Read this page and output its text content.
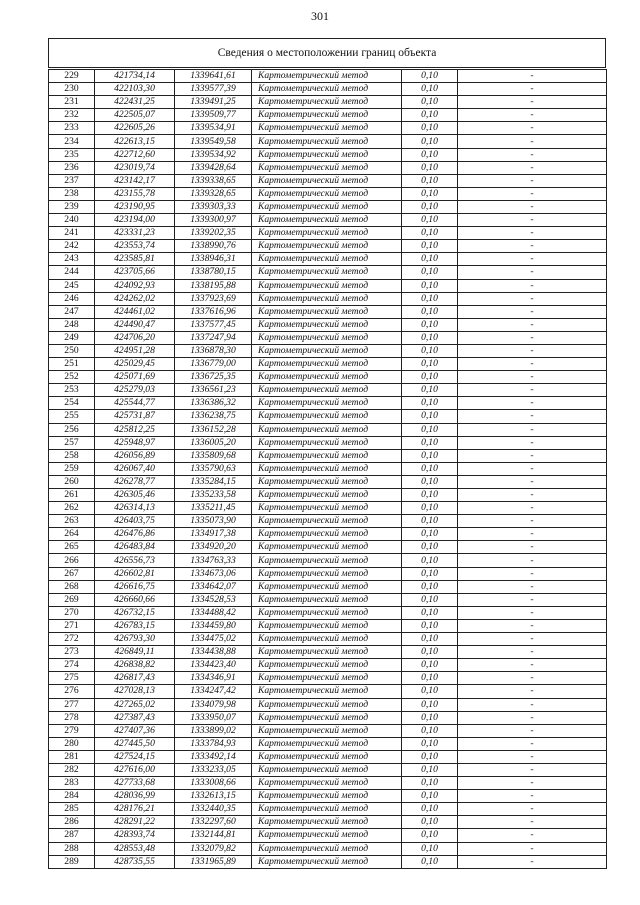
301
Сведения о местоположении границ объекта
229	421734,14	1339641,61	Картометрический метод	0,10	-
230	422103,30	1339577,39	Картометрический метод	0,10	-
231	422431,25	1339491,25	Картометрический метод	0,10	-
232	422505,07	1339509,77	Картометрический метод	0,10	-
233	422605,26	1339534,91	Картометрический метод	0,10	-
234	422613,15	1339549,58	Картометрический метод	0,10	-
235	422712,60	1339534,92	Картометрический метод	0,10	-
236	423019,74	1339428,64	Картометрический метод	0,10	-
237	423142,17	1339338,65	Картометрический метод	0,10	-
238	423155,78	1339328,65	Картометрический метод	0,10	-
239	423190,95	1339303,33	Картометрический метод	0,10	-
240	423194,00	1339300,97	Картометрический метод	0,10	-
241	423331,23	1339202,35	Картометрический метод	0,10	-
242	423553,74	1338990,76	Картометрический метод	0,10	-
243	423585,81	1338946,31	Картометрический метод	0,10	-
244	423705,66	1338780,15	Картометрический метод	0,10	-
245	424092,93	1338195,88	Картометрический метод	0,10	-
246	424262,02	1337923,69	Картометрический метод	0,10	-
247	424461,02	1337616,96	Картометрический метод	0,10	-
248	424490,47	1337577,45	Картометрический метод	0,10	-
249	424706,20	1337247,94	Картометрический метод	0,10	-
250	424951,28	1336878,30	Картометрический метод	0,10	-
251	425029,45	1336779,00	Картометрический метод	0,10	-
252	425071,69	1336725,35	Картометрический метод	0,10	-
253	425279,03	1336561,23	Картометрический метод	0,10	-
254	425544,77	1336386,32	Картометрический метод	0,10	-
255	425731,87	1336238,75	Картометрический метод	0,10	-
256	425812,25	1336152,28	Картометрический метод	0,10	-
257	425948,97	1336005,20	Картометрический метод	0,10	-
258	426056,89	1335809,68	Картометрический метод	0,10	-
259	426067,40	1335790,63	Картометрический метод	0,10	-
260	426278,77	1335284,15	Картометрический метод	0,10	-
261	426305,46	1335233,58	Картометрический метод	0,10	-
262	426314,13	1335211,45	Картометрический метод	0,10	-
263	426403,75	1335073,90	Картометрический метод	0,10	-
264	426476,86	1334917,38	Картометрический метод	0,10	-
265	426483,84	1334920,20	Картометрический метод	0,10	-
266	426556,73	1334763,33	Картометрический метод	0,10	-
267	426602,81	1334673,06	Картометрический метод	0,10	-
268	426616,75	1334642,07	Картометрический метод	0,10	-
269	426660,66	1334528,53	Картометрический метод	0,10	-
270	426732,15	1334488,42	Картометрический метод	0,10	-
271	426783,15	1334459,80	Картометрический метод	0,10	-
272	426793,30	1334475,02	Картометрический метод	0,10	-
273	426849,11	1334438,88	Картометрический метод	0,10	-
274	426838,82	1334423,40	Картометрический метод	0,10	-
275	426817,43	1334346,91	Картометрический метод	0,10	-
276	427028,13	1334247,42	Картометрический метод	0,10	-
277	427265,02	1334079,98	Картометрический метод	0,10	-
278	427387,43	1333950,07	Картометрический метод	0,10	-
279	427407,36	1333899,02	Картометрический метод	0,10	-
280	427445,50	1333784,93	Картометрический метод	0,10	-
281	427524,15	1333492,14	Картометрический метод	0,10	-
282	427616,00	1333233,05	Картометрический метод	0,10	-
283	427733,68	1333008,66	Картометрический метод	0,10	-
284	428036,99	1332613,15	Картометрический метод	0,10	-
285	428176,21	1332440,35	Картометрический метод	0,10	-
286	428291,22	1332297,60	Картометрический метод	0,10	-
287	428393,74	1332144,81	Картометрический метод	0,10	-
288	428553,48	1332079,82	Картометрический метод	0,10	-
289	428735,55	1331965,89	Картометрический метод	0,10	-
